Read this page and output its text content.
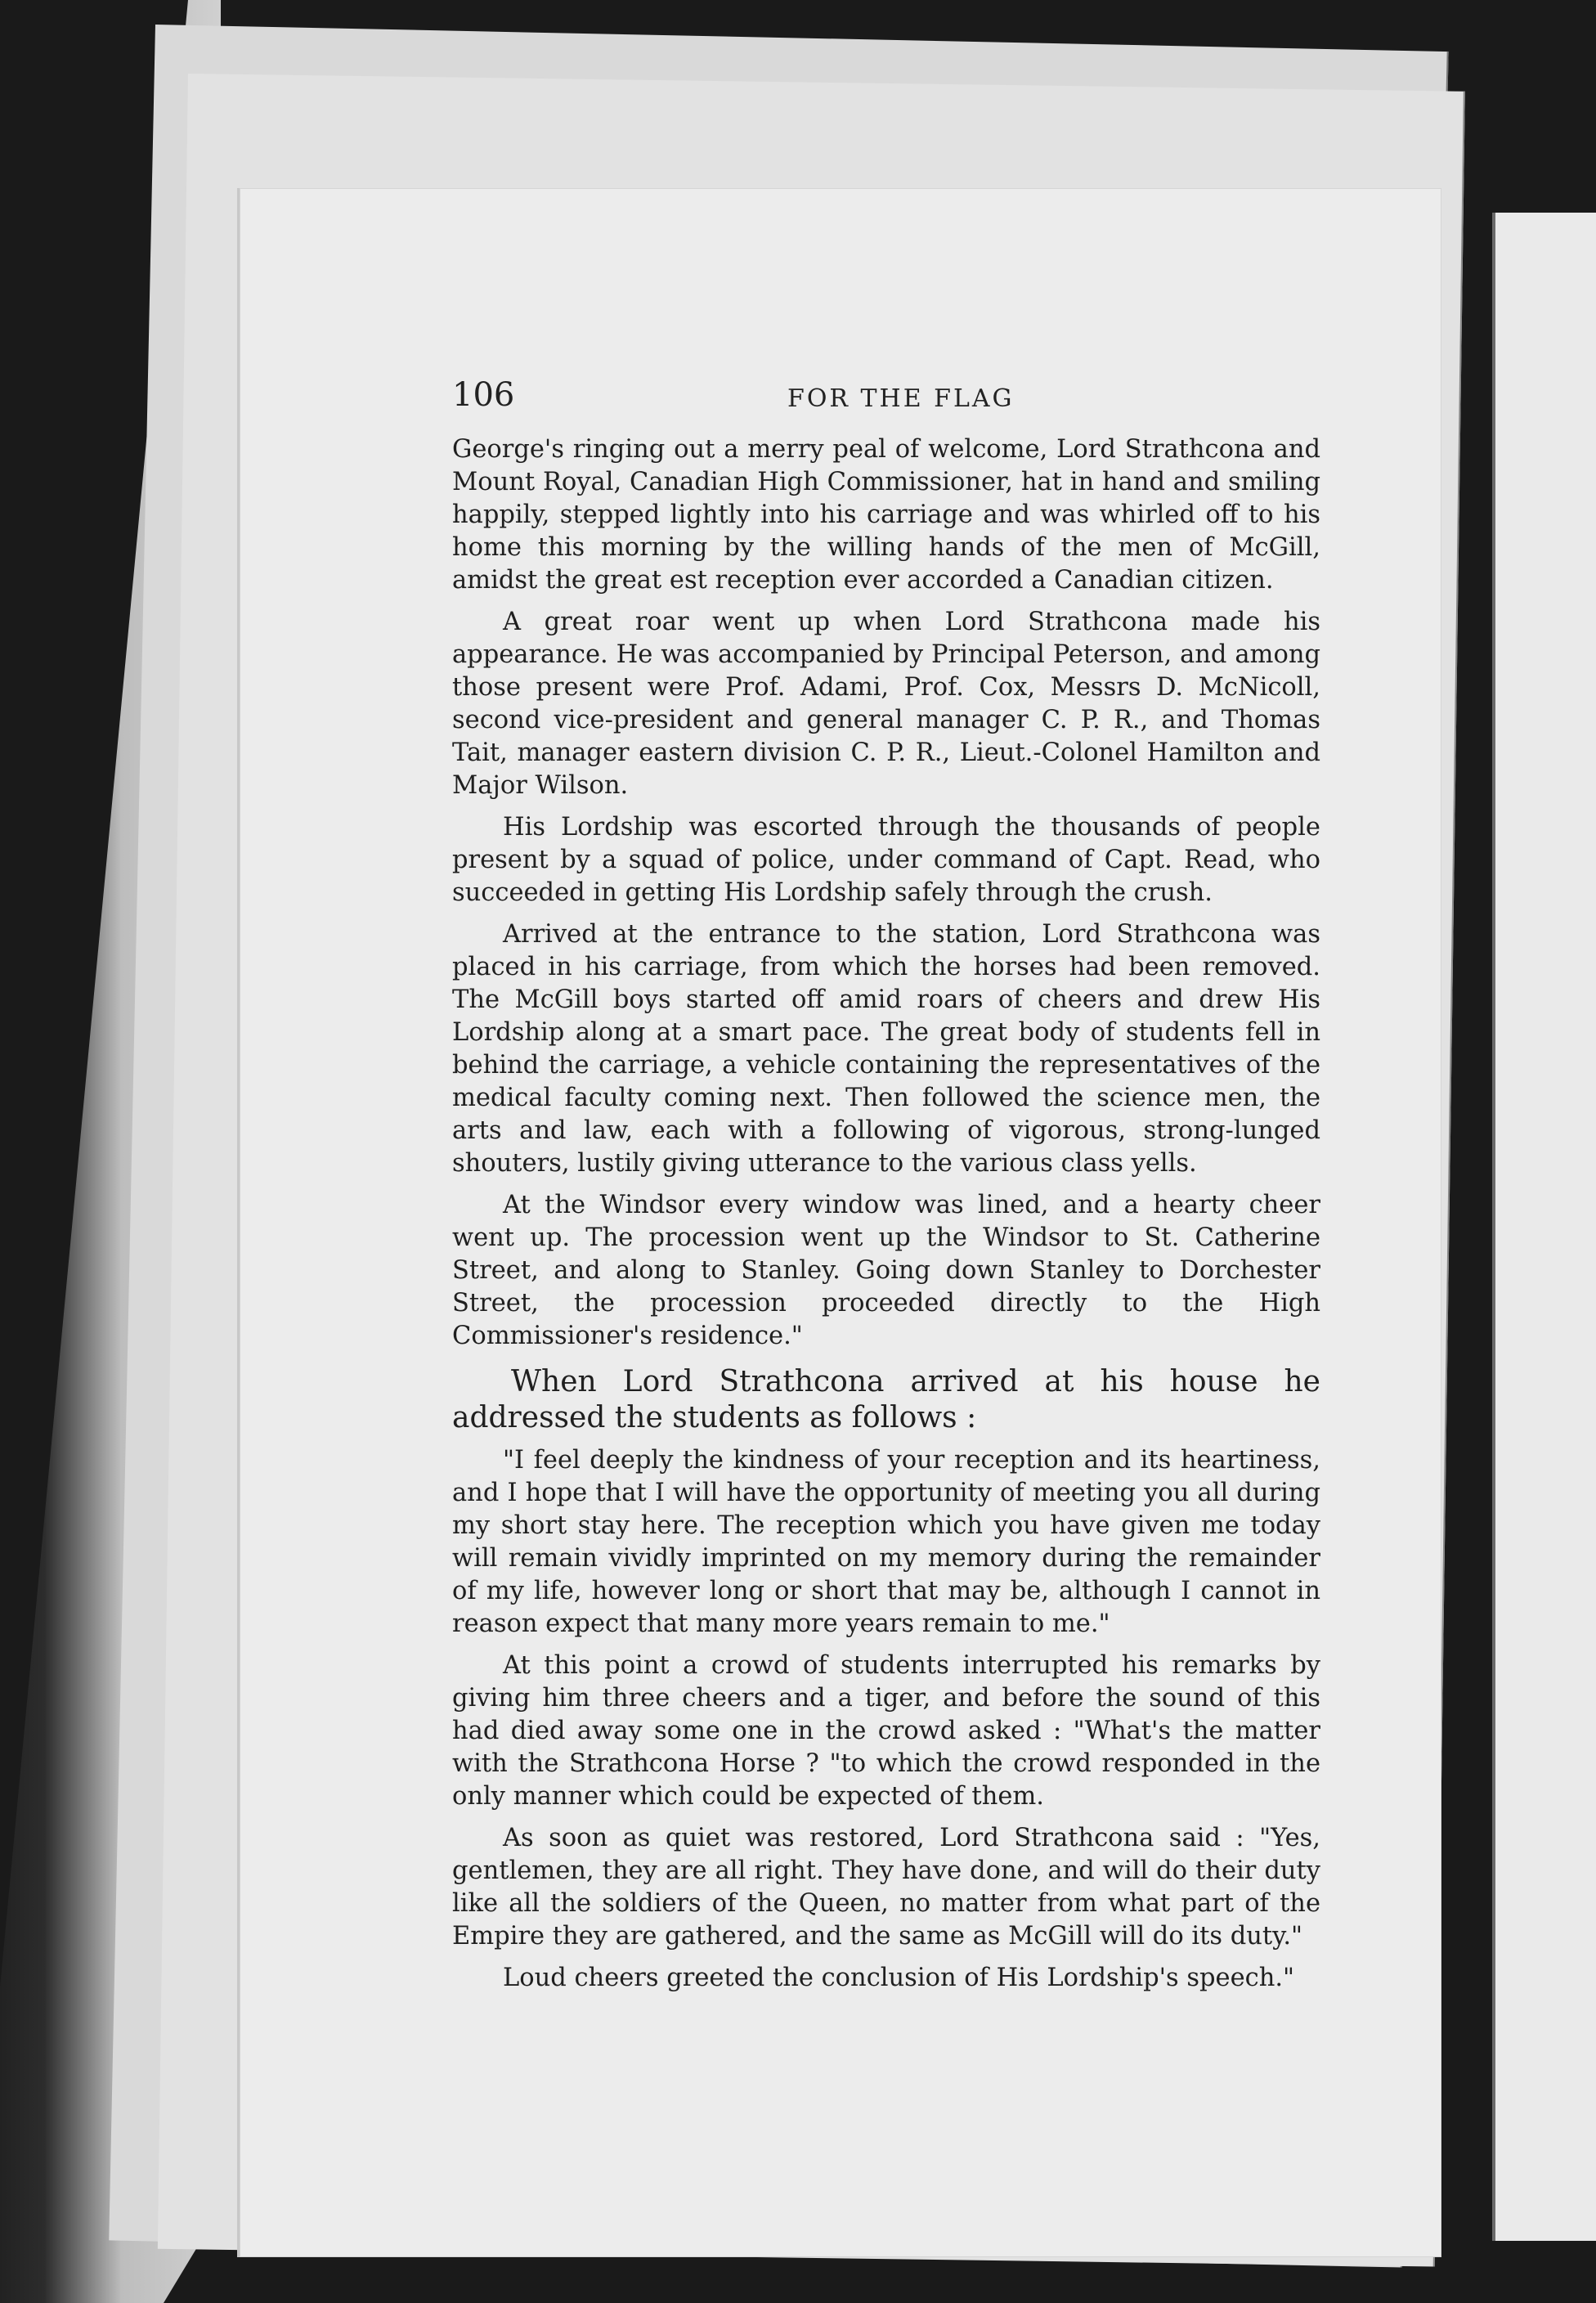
106	FOR THE FLAG

George's ringing out a merry peal of welcome, Lord Strathcona and Mount Royal, Canadian High Commissioner, hat in hand and smiling happily, stepped lightly into his carriage and was whirled off to his home this morning by the willing hands of the men of McGill, amidst the great est reception ever accorded a Canadian citizen.

A great roar went up when Lord Strathcona made his appearance. He was accompanied by Principal Peterson, and among those present were Prof. Adami, Prof. Cox, Messrs D. McNicoll, second vice-president and general manager C. P. R., and Thomas Tait, manager eastern division C. P. R., Lieut.-Colonel Hamilton and Major Wilson.

His Lordship was escorted through the thousands of people present by a squad of police, under command of Capt. Read, who succeeded in getting His Lordship safely through the crush.

Arrived at the entrance to the station, Lord Strathcona was placed in his carriage, from which the horses had been removed. The McGill boys started off amid roars of cheers and drew His Lordship along at a smart pace. The great body of students fell in behind the carriage, a vehicle containing the representatives of the medical faculty coming next. Then followed the science men, the arts and law, each with a following of vigorous, strong-lunged shouters, lustily giving utterance to the various class yells.

At the Windsor every window was lined, and a hearty cheer went up. The procession went up the Windsor to St. Catherine Street, and along to Stanley. Going down Stanley to Dorchester Street, the procession proceeded directly to the High Commissioner's residence."

When Lord Strathcona arrived at his house he addressed the students as follows :

"I feel deeply the kindness of your reception and its heartiness, and I hope that I will have the opportunity of meeting you all during my short stay here. The reception which you have given me today will remain vividly imprinted on my memory during the remainder of my life, however long or short that may be, although I cannot in reason expect that many more years remain to me."

At this point a crowd of students interrupted his remarks by giving him three cheers and a tiger, and before the sound of this had died away some one in the crowd asked : "What's the matter with the Strathcona Horse ? "to which the crowd responded in the only manner which could be expected of them.

As soon as quiet was restored, Lord Strathcona said : "Yes, gentlemen, they are all right. They have done, and will do their duty like all the soldiers of the Queen, no matter from what part of the Empire they are gathered, and the same as McGill will do its duty."

Loud cheers greeted the conclusion of His Lordship's speech."
